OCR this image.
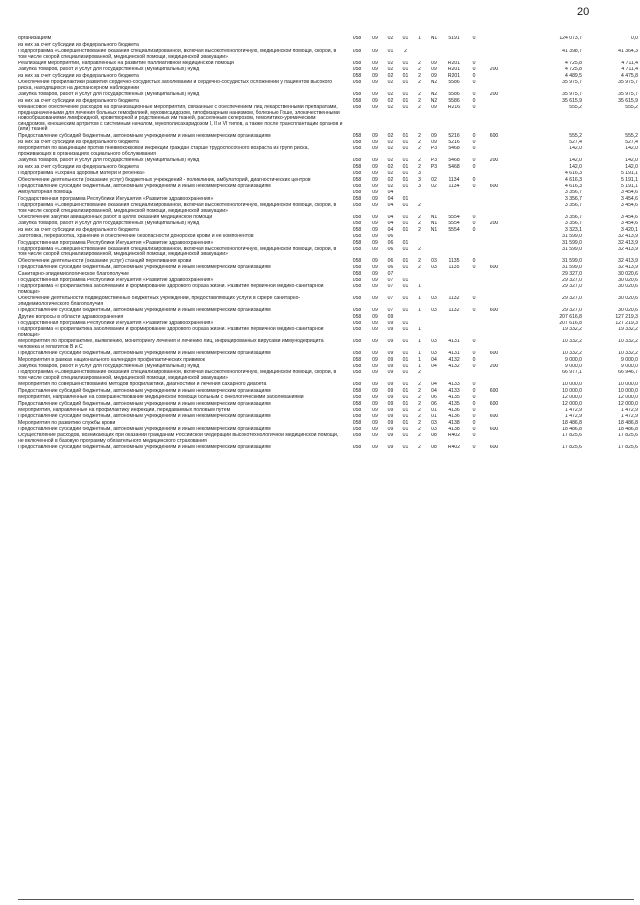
20
организациям	058	09	02	01	1	N1	5191	0		124 073,7	0,0
из них за счет субсидии из федерального бюджета											
Подпрограмма «Совершенствование оказания специализированной, включая высокотехнологичную, медицинской помощи, скорой, в том числе скорой специализированной, медицинской помощи, медицинской эвакуации»	058	09	01	2						41 398,7	41 364,3
Реализация мероприятий, направленных на развитие паллиативной медицинской помощи	058	09	02	01	2	09	R201	0		4 725,8	4 711,4
Закупка товаров, работ и услуг для государственных (муниципальных) нужд	058	09	02	01	2	09	R201	0	200	4 725,8	4 711,4
из них за счет субсидии из федерального бюджета	058	09	02	01	2	09	R201	0		4 489,5	4 475,8
Обеспечение профилактики развития сердечно-сосудистых заболеваний и сердечно-сосудистых осложнений у пациентов высокого риска, находящихся на диспансерном наблюдении	058	09	02	01	2	N2	5586	0		35 975,7	35 975,7
Закупка товаров, работ и услуг для государственных (муниципальных) нужд	058	09	02	01	2	N2	5586	0	200	35 975,7	35 975,7
из них за счет субсидии из федерального бюджета	058	09	02	01	2	N2	5586	0		35 615,9	35 615,9
Финансовое обеспечение расходов на организационные мероприятия, связанные с обеспечением лиц лекарственными препаратами, предназначенными для лечения больных гемофилией, муковисцидозом, гипофизарным нанизмом, болезнью Гоше, злокачественными новообразованиями лимфоидной, кроветворной и родственных им тканей, рассеянным склерозом, гемолитико-уремическим синдромом, юношеским артритом с системным началом, мукополисахаридозом I, II и VI типов, а также после трансплантации органов и (или) тканей	058	09	02	01	2	09	R216	0		555,2	555,2
Предоставление субсидий бюджетным, автономным учреждениям и иным некоммерческим организациям	058	09	02	01	2	09	5216	0	600	555,2	555,2
из них за счет субсидии из федерального бюджета	058	09	02	01	2	09	5216	0		527,4	527,4
Мероприятия по вакцинации против пневмококковой инфекции граждан старше трудоспособного возраста из групп риска, проживающих в организациях социального обслуживания	058	09	02	01	2	P3	5468	0		142,0	142,0
Закупка товаров, работ и услуг для государственных (муниципальных) нужд	058	09	02	01	2	P3	5468	0	200	142,0	142,0
из них за счет субсидии из федерального бюджета	058	09	02	01	2	P3	5468	0		142,0	142,0
Подпрограмма «Охрана здоровья матери и ребёнка»	058	09	02	01	3					4 616,3	5 191,1
Обеспечение деятельности (оказание услуг) бюджетных учреждений - поликлиник, амбулаторий, диагностических центров	058	09	02	01	3	02	1134	0		4 616,3	5 191,1
Предоставление субсидий бюджетным, автономным учреждениям и иным некоммерческим организациям	058	09	02	01	3	02	1134	0	600	4 616,3	5 191,1
Амбулаторная помощь	058	09	04							3 356,7	3 454,6
Государственная программа Республики Ингушетия «Развитие здравоохранения»	058	09	04	01						3 356,7	3 454,6
Подпрограмма «Совершенствование оказания специализированной, включая высокотехнологичную, медицинской помощи, скорой, в том числе скорой специализированной, медицинской помощи, медицинской эвакуации»	058	09	04	01	2					3 356,7	3 454,6
Обеспечение закупки авиационных работ в целях оказания медицинской помощи	058	09	04	01	2	N1	5554	0		3 356,7	3 454,6
Закупка товаров, работ и услуг для государственных (муниципальных) нужд	058	09	04	01	2	N1	5554	0	200	3 356,7	3 454,6
из них за счет субсидии из федерального бюджета	058	09	04	01	2	N1	5554	0		3 323,1	3 420,1
Заготовка, переработка, хранение и обеспечение безопасности донорской крови и ее компонентов	058	09	06							31 599,0	32 413,9
Государственная программа Республики Ингушетия «Развитие здравоохранения»	058	09	06	01						31 599,0	32 413,9
Подпрограмма «Совершенствование оказания специализированной, включая высокотехнологичную, медицинской помощи, скорой, в том числе скорой специализированной, медицинской помощи, медицинской эвакуации»	058	09	06	01	2					31 599,0	32 413,9
Обеспечение деятельности (оказание услуг) станций переливания крови	058	09	06	01	2	03	1135	0		31 599,0	32 413,9
Предоставление субсидий бюджетным, автономным учреждениям и иным некоммерческим организациям	058	09	06	01	2	03	1135	0	600	31 599,0	32 413,9
Санитарно-эпидемиологическое благополучие	058	09	07							29 327,0	30 020,6
Государственная программа Республики Ингушетия «Развитие здравоохранения»	058	09	07	01						29 327,0	30 020,6
Подпрограмма «Профилактика заболеваний и формирование здорового образа жизни. Развитие первичной медико-санитарной помощи»	058	09	07	01	1					29 327,0	30 020,6
Обеспечение деятельности подведомственных бюджетных учреждений, предоставляющих услуги в сфере санитарно-эпидемиологического благополучия	058	09	07	01	1	03	1132	0		29 327,0	30 020,6
Предоставление субсидий бюджетным, автономным учреждениям и иным некоммерческим организациям	058	09	07	01	1	03	1132	0	600	29 327,0	30 020,6
Другие вопросы в области здравоохранения	058	09	09							207 616,8	127 219,3
Государственная программа Республики Ингушетия «Развитие здравоохранения»	058	09	09	01						207 616,8	127 219,3
Подпрограмма «Профилактика заболеваний и формирование здорового образа жизни. Развитие первичной медико-санитарной помощи»	058	09	09	01	1					19 332,2	19 332,2
Мероприятия по профилактике, выявлению, мониторингу лечения и лечению лиц, инфицированных вирусами иммунодефицита человека и гепатитов В и С	058	09	09	01	1	03	4131	0		10 332,2	10 332,2
Предоставление субсидий бюджетным, автономным учреждениям и иным некоммерческим организациям	058	09	09	01	1	03	4131	0	600	10 332,2	10 332,2
Мероприятия в рамках национального календаря профилактических прививок	058	09	09	01	1	04	4132	0		9 000,0	9 000,0
Закупка товаров, работ и услуг для государственных (муниципальных) нужд	058	09	09	01	1	04	4132	0	200	9 000,0	9 000,0
Подпрограмма «Совершенствование оказания специализированной, включая высокотехнологичную, медицинской помощи, скорой, в том числе скорой специализированной, медицинской помощи, медицинской эвакуации»	058	09	09	01	2					66 977,1	66 946,7
Мероприятия по совершенствованию методов профилактики, диагностики и лечения сахарного диабета	058	09	09	01	2	04	4133	0		10 000,0	10 000,0
Предоставление субсидий бюджетным, автономным учреждениям и иным некоммерческим организациям	058	09	09	01	2	04	4133	0	600	10 000,0	10 000,0
Мероприятия, направленные на совершенствование медицинской помощи больным с онкологическими заболеваниями	058	09	09	01	2	06	4135	0		12 000,0	12 000,0
Предоставление субсидий бюджетным, автономным учреждениям и иным некоммерческим организациям	058	09	09	01	2	06	4135	0	600	12 000,0	12 000,0
Мероприятия, направленные на профилактику инфекций, передаваемых половым путём	058	09	09	01	2	01	4136	0		1 472,9	1 472,9
Предоставление субсидий бюджетным, автономным учреждениям и иным некоммерческим организациям	058	09	09	01	2	01	4136	0	600	1 472,9	1 472,9
Мероприятия по развитию службы крови	058	09	09	01	2	03	4138	0		18 486,8	18 486,8
Предоставление субсидий бюджетным, автономным учреждениям и иным некоммерческим организациям	058	09	09	01	2	03	4138	0	600	18 486,8	18 486,8
Осуществление расходов, возникающих при оказании гражданам Российской Федерации высокотехнологичной медицинской помощи, не включенной в базовую программу обязательного медицинского страхования	058	09	09	01	2	08	R402	0		17 825,6	17 825,6
Предоставление субсидий бюджетным, автономным учреждениям и иным некоммерческим организациям	058	09	09	01	2	08	R402	0	600	17 825,6	17 825,6
